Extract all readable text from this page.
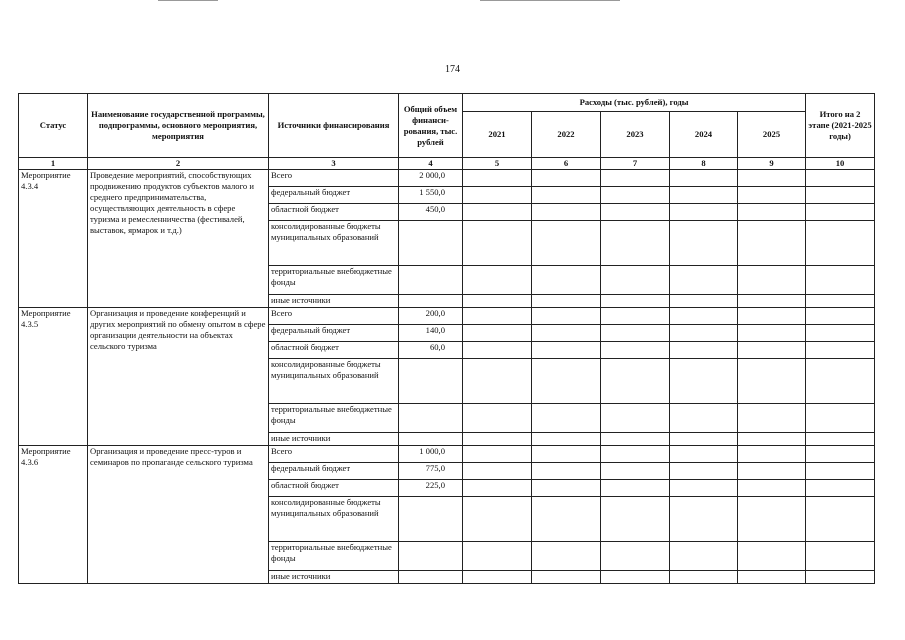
174
Статус	Наименование государственной программы, подпрограммы, основного мероприятия, мероприятия	Источники финансирования	Общий объем финанси-рования, тыс. рублей	Расходы (тыс. рублей), годы					Итого на 2 этапе (2021-2025 годы)
				2021	2022	2023	2024	2025	
1	2	3	4	5	6	7	8	9	10
Мероприятие 4.3.4	Проведение мероприятий, способствующих продвижению продуктов субъектов малого и среднего предпринимательства, осуществляющих деятельность в сфере туризма и ремесленничества (фестивалей, выставок, ярмарок и т.д.)	Всего	2 000,0						
		федеральный бюджет	1 550,0						
		областной бюджет	450,0						
		консолидированные бюджеты муниципальных образований							
		территориальные внебюджетные фонды							
		иные источники							
Мероприятие 4.3.5	Организация и проведение конференций и других мероприятий по обмену опытом в сфере организации деятельности на объектах сельского туризма	Всего	200,0						
		федеральный бюджет	140,0						
		областной бюджет	60,0						
		консолидированные бюджеты муниципальных образований							
		территориальные внебюджетные фонды							
		иные источники							
Мероприятие 4.3.6	Организация и проведение пресс-туров и семинаров по пропаганде сельского туризма	Всего	1 000,0						
		федеральный бюджет	775,0						
		областной бюджет	225,0						
		консолидированные бюджеты муниципальных образований							
		территориальные внебюджетные фонды							
		иные источники							
